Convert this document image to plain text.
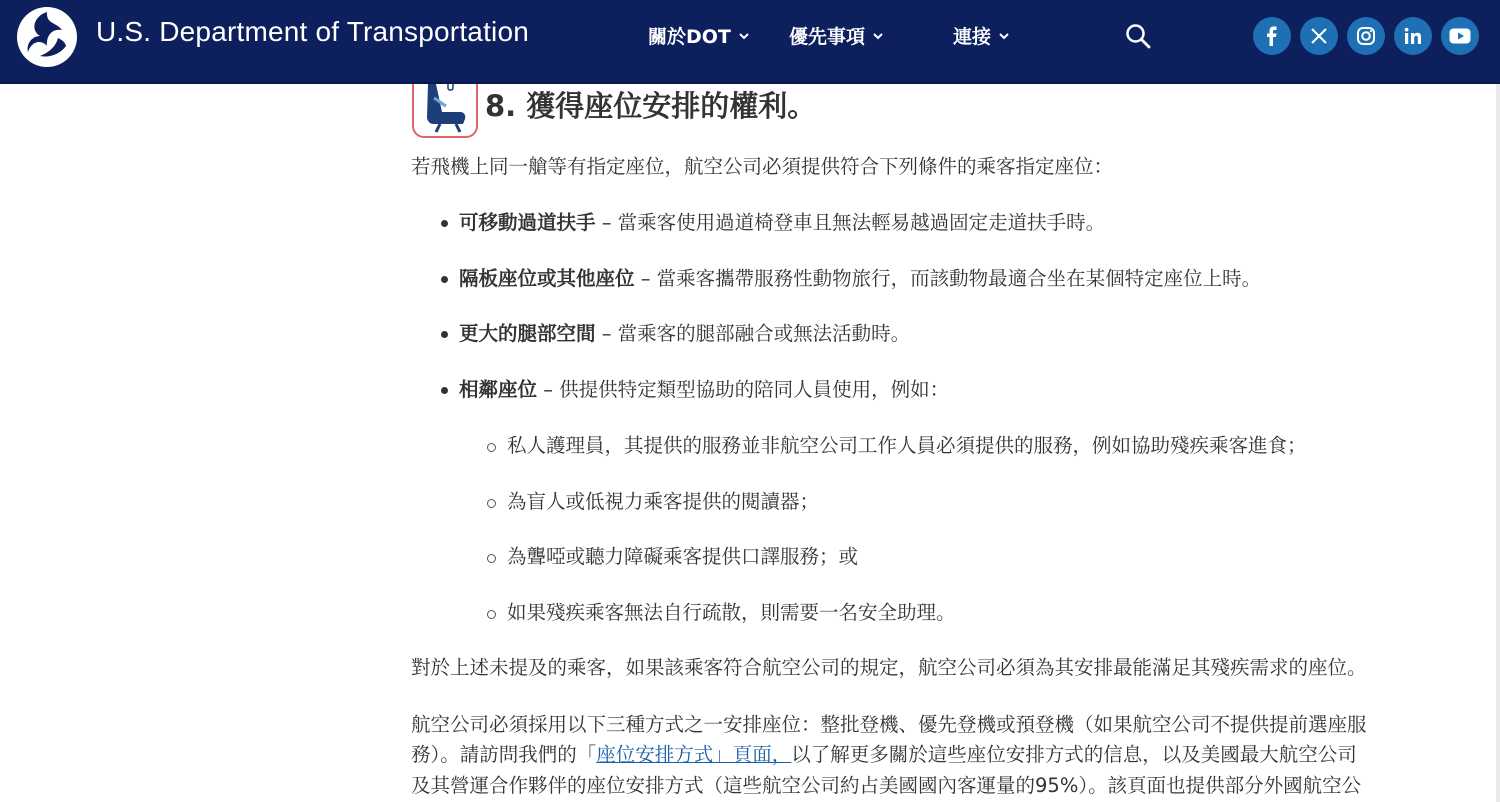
U.S. Department of Transportation	關於DOT	優先事項	連接
8. 獲得座位安排的權利。
若飛機上同一艙等有指定座位，航空公司必須提供符合下列條件的乘客指定座位：
可移動過道扶手 – 當乘客使用過道椅登車且無法輕易越過固定走道扶手時。
隔板座位或其他座位 – 當乘客攜帶服務性動物旅行，而該動物最適合坐在某個特定座位上時。
更大的腿部空間 – 當乘客的腿部融合或無法活動時。
相鄰座位 – 供提供特定類型協助的陪同人員使用，例如：
私人護理員，其提供的服務並非航空公司工作人員必須提供的服務，例如協助殘疾乘客進食；
為盲人或低視力乘客提供的閱讀器；
為聾啞或聽力障礙乘客提供口譯服務；或
如果殘疾乘客無法自行疏散，則需要一名安全助理。
對於上述未提及的乘客，如果該乘客符合航空公司的規定，航空公司必須為其安排最能滿足其殘疾需求的座位。
航空公司必須採用以下三種方式之一安排座位：整批登機、優先登機或預登機（如果航空公司不提供提前選座服
務）。請訪問我們的「座位安排方式」頁面，以了解更多關於這些座位安排方式的信息，以及美國最大航空公司
及其營運合作夥伴的座位安排方式（這些航空公司約占美國國內客運量的95%）。該頁面也提供部分外國航空公
